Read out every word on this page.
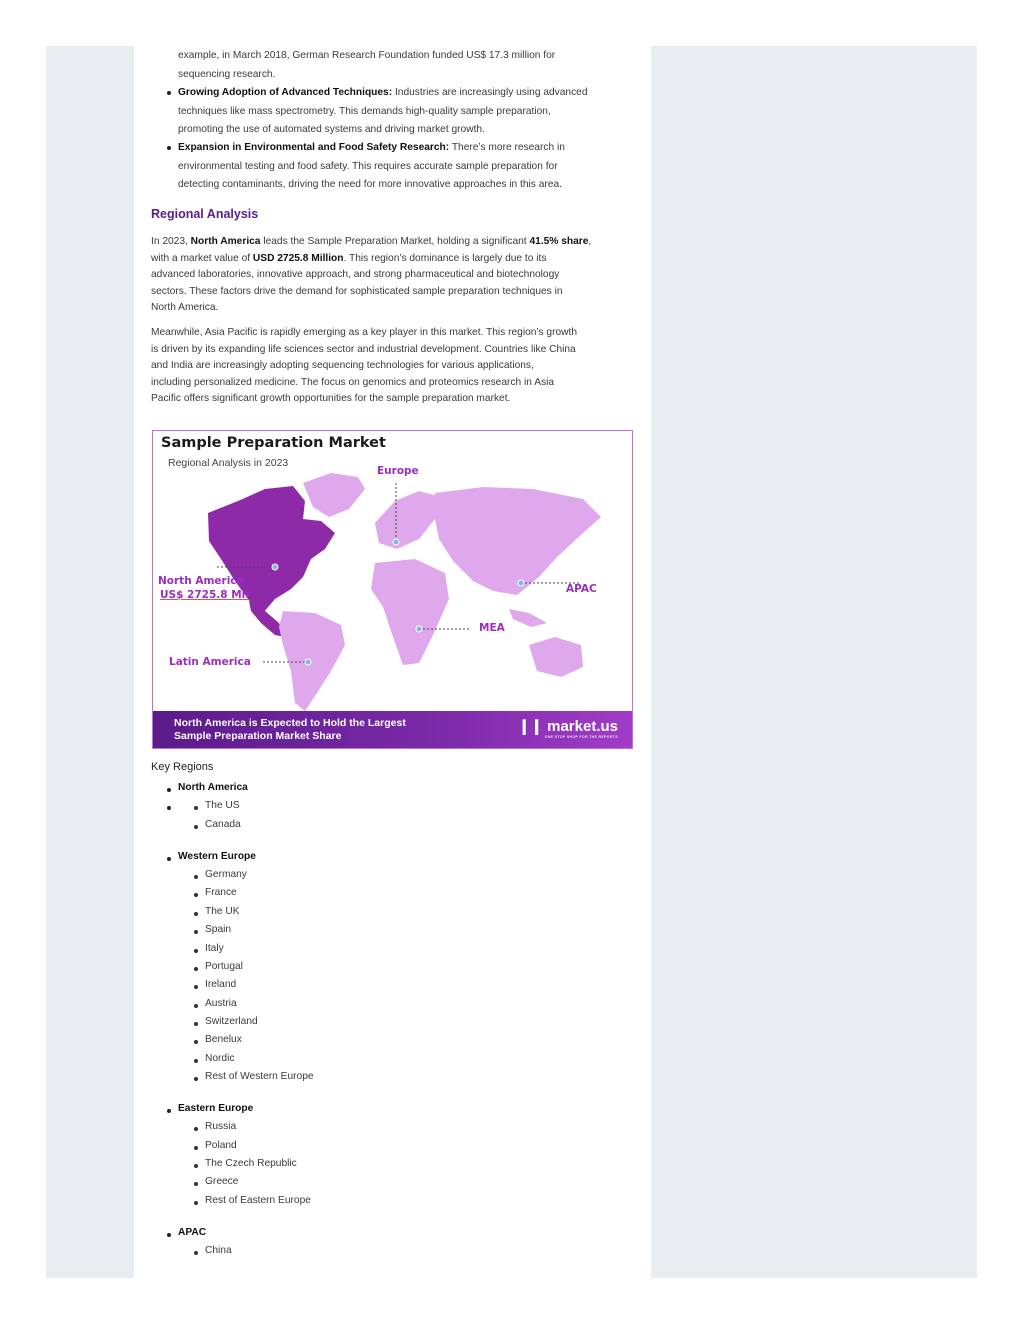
example, in March 2018, German Research Foundation funded US$ 17.3 million for
sequencing research.
Growing Adoption of Advanced Techniques: Industries are increasingly using advanced
techniques like mass spectrometry. This demands high-quality sample preparation,
promoting the use of automated systems and driving market growth.
Expansion in Environmental and Food Safety Research: There’s more research in
environmental testing and food safety. This requires accurate sample preparation for
detecting contaminants, driving the need for more innovative approaches in this area.
Regional Analysis
In 2023, North America leads the Sample Preparation Market, holding a significant 41.5% share,
with a market value of USD 2725.8 Million. This region’s dominance is largely due to its
advanced laboratories, innovative approach, and strong pharmaceutical and biotechnology
sectors. These factors drive the demand for sophisticated sample preparation techniques in
North America.
Meanwhile, Asia Pacific is rapidly emerging as a key player in this market. This region’s growth
is driven by its expanding life sciences sector and industrial development. Countries like China
and India are increasingly adopting sequencing technologies for various applications,
including personalized medicine. The focus on genomics and proteomics research in Asia
Pacific offers significant growth opportunities for the sample preparation market.
Sample Preparation Market
Regional Analysis in 2023
Europe
North America
US$ 2725.8 Mn	APAC
MEA
Latin America
North America is Expected to Hold the Largest
Sample Preparation Market Share
❙❙ market.us
ONE STOP SHOP FOR THE REPORTS
Key Regions
North America
The US
Canada
Western Europe
Germany
France
The UK
Spain
Italy
Portugal
Ireland
Austria
Switzerland
Benelux
Nordic
Rest of Western Europe
Eastern Europe
Russia
Poland
The Czech Republic
Greece
Rest of Eastern Europe
APAC
China
